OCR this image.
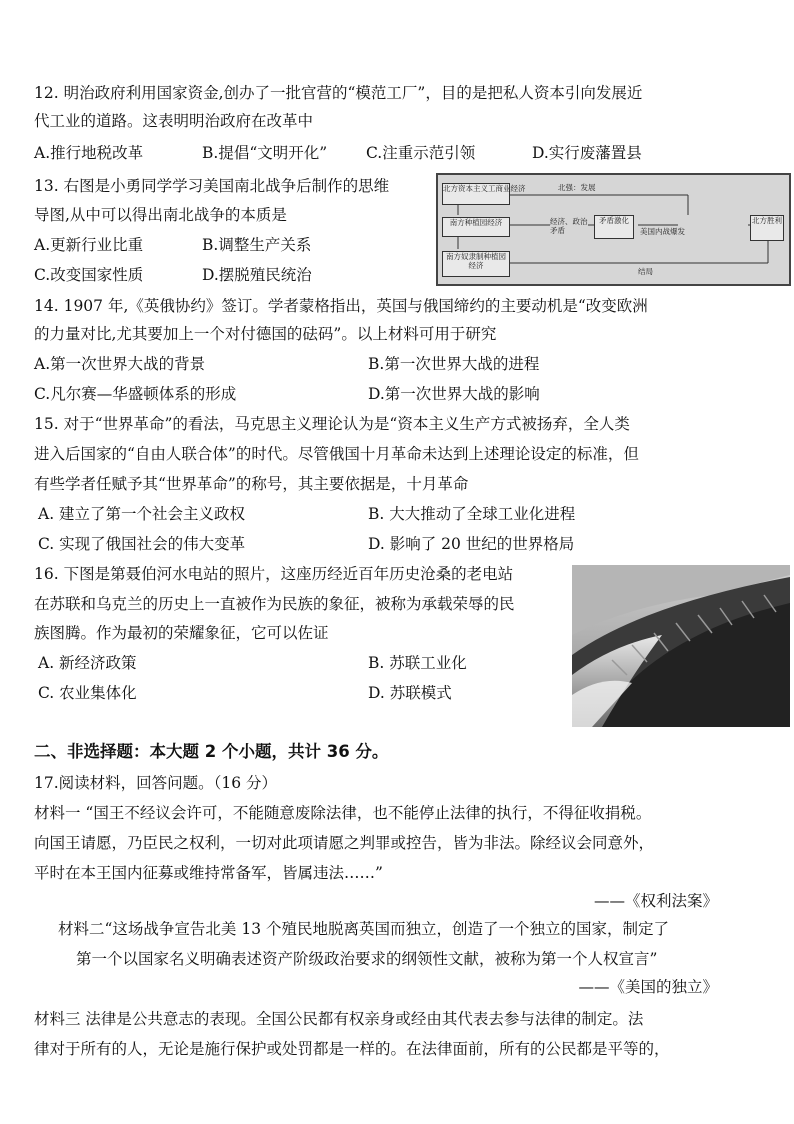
12. 明治政府利用国家资金,创办了一批官营的“模范工厂”，目的是把私人资本引向发展近
代工业的道路。这表明明治政府在改革中
A.推行地税改革	B.提倡“文明开化”	C.注重示范引领	D.实行废藩置县
13. 右图是小勇同学学习美国南北战争后制作的思维
导图,从中可以得出南北战争的本质是
A.更新行业比重	B.调整生产关系
C.改变国家性质	D.摆脱殖民统治
北方资本主义工商业经济
南方种植园经济
南方奴隶制种植园经济
北强：发展
经济、政治矛盾
矛盾激化
美国内战爆发
北方胜利
结局
14. 1907 年,《英俄协约》签订。学者蒙格指出，英国与俄国缔约的主要动机是“改变欧洲
的力量对比,尤其要加上一个对付德国的砝码”。以上材料可用于研究
A.第一次世界大战的背景	B.第一次世界大战的进程
C.凡尔赛—华盛顿体系的形成	D.第一次世界大战的影响
15. 对于“世界革命”的看法，马克思主义理论认为是“资本主义生产方式被扬弃，全人类
进入后国家的“自由人联合体”的时代。尽管俄国十月革命未达到上述理论设定的标准，但
有些学者任赋予其“世界革命”的称号，其主要依据是，十月革命
A. 建立了第一个社会主义政权	B. 大大推动了全球工业化进程
C. 实现了俄国社会的伟大变革	D. 影响了 20 世纪的世界格局
16. 下图是第聂伯河水电站的照片，这座历经近百年历史沧桑的老电站
在苏联和乌克兰的历史上一直被作为民族的象征，被称为承载荣辱的民
族图腾。作为最初的荣耀象征，它可以佐证
A. 新经济政策	B. 苏联工业化
C. 农业集体化	D. 苏联模式
二、非选择题：本大题 2 个小题，共计 36 分。
17.阅读材料，回答问题。（16 分）
材料一 “国王不经议会许可，不能随意废除法律，也不能停止法律的执行，不得征收捐税。
向国王请愿，乃臣民之权利，一切对此项请愿之判罪或控告，皆为非法。除经议会同意外，
平时在本王国内征募或维持常备军，皆属违法……”
——《权利法案》
材料二“这场战争宣告北美 13 个殖民地脱离英国而独立，创造了一个独立的国家，制定了
第一个以国家名义明确表述资产阶级政治要求的纲领性文献，被称为第一个人权宣言”
——《美国的独立》
材料三 法律是公共意志的表现。全国公民都有权亲身或经由其代表去参与法律的制定。法
律对于所有的人，无论是施行保护或处罚都是一样的。在法律面前，所有的公民都是平等的，
